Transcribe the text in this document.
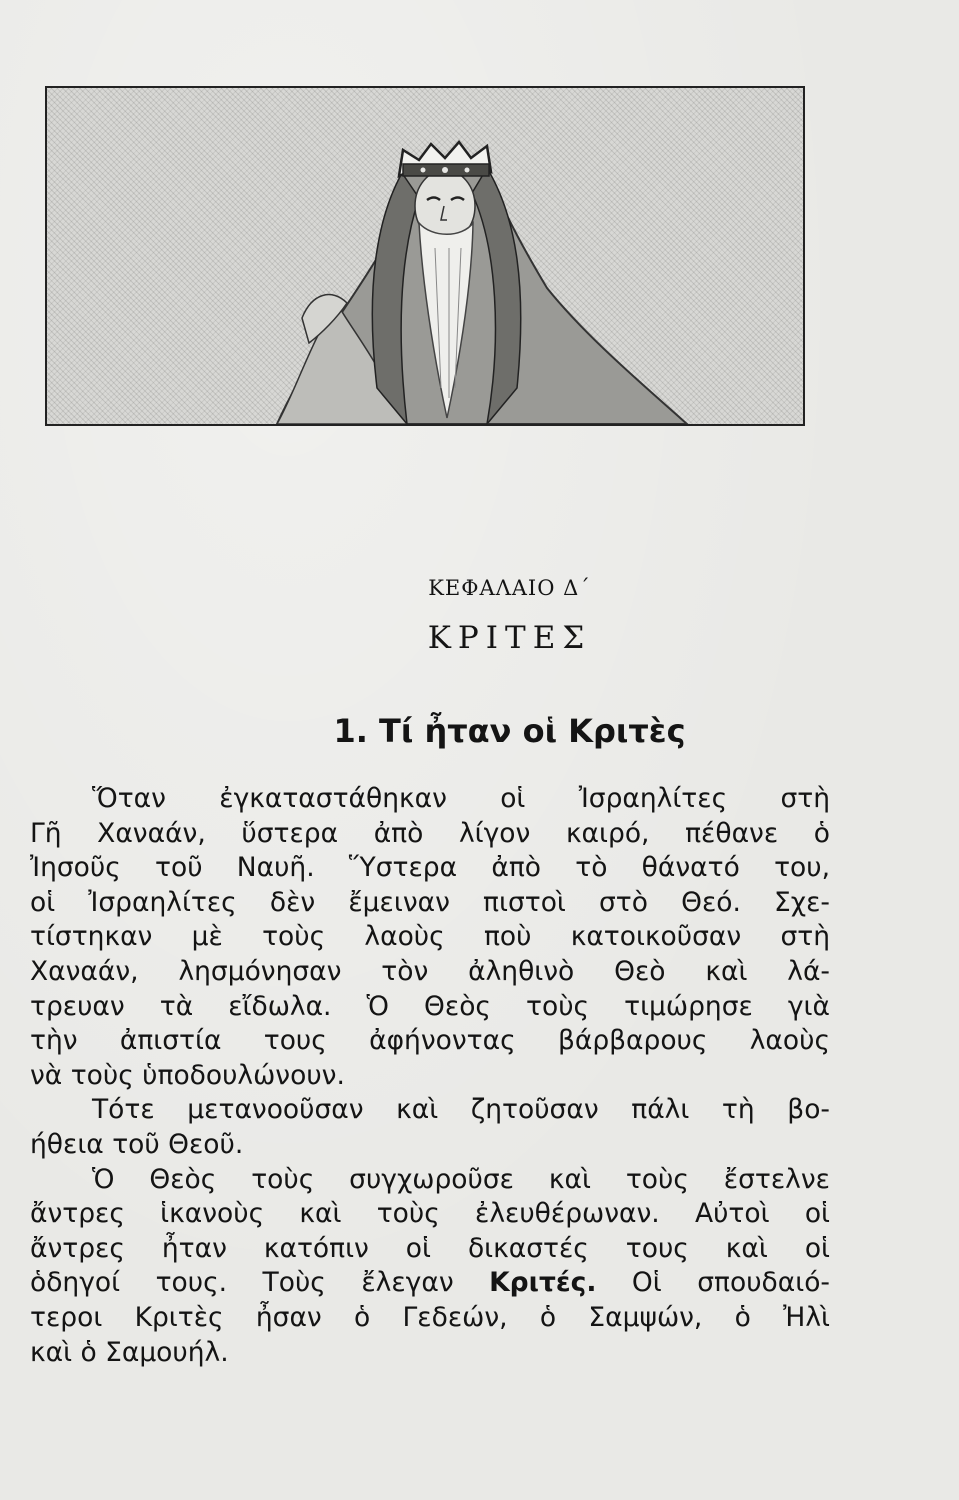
ΚΕΦΑΛΑΙΟ Δ΄
ΚΡΙΤΕΣ
1. Τί ἦταν οἱ Κριτὲς
Ὅταν ἐγκαταστάθηκαν οἱ Ἰσραηλίτες στὴ
Γῆ Χαναάν, ὕστερα ἀπὸ λίγον καιρό, πέθανε ὁ
Ἰησοῦς τοῦ Ναυῆ. Ὕστερα ἀπὸ τὸ θάνατό του,
οἱ Ἰσραηλίτες δὲν ἔμειναν πιστοὶ στὸ Θεό. Σχε-
τίστηκαν μὲ τοὺς λαοὺς ποὺ κατοικοῦσαν στὴ
Χαναάν, λησμόνησαν τὸν ἀληθινὸ Θεὸ καὶ λά-
τρευαν τὰ εἴδωλα. Ὁ Θεὸς τοὺς τιμώρησε γιὰ
τὴν ἀπιστία τους ἀφήνοντας βάρβαρους λαοὺς
νὰ τοὺς ὑποδουλώνουν.
Τότε μετανοοῦσαν καὶ ζητοῦσαν πάλι τὴ βο-
ήθεια τοῦ Θεοῦ.
Ὁ Θεὸς τοὺς συγχωροῦσε καὶ τοὺς ἔστελνε
ἄντρες ἱκανοὺς καὶ τοὺς ἐλευθέρωναν. Αὐτοὶ οἱ
ἄντρες ἦταν κατόπιν οἱ δικαστές τους καὶ οἱ
ὁδηγοί τους. Τοὺς ἔλεγαν Κριτές. Οἱ σπουδαιό-
τεροι Κριτὲς ἦσαν ὁ Γεδεών, ὁ Σαμψών, ὁ Ἠλὶ
καὶ ὁ Σαμουήλ.
